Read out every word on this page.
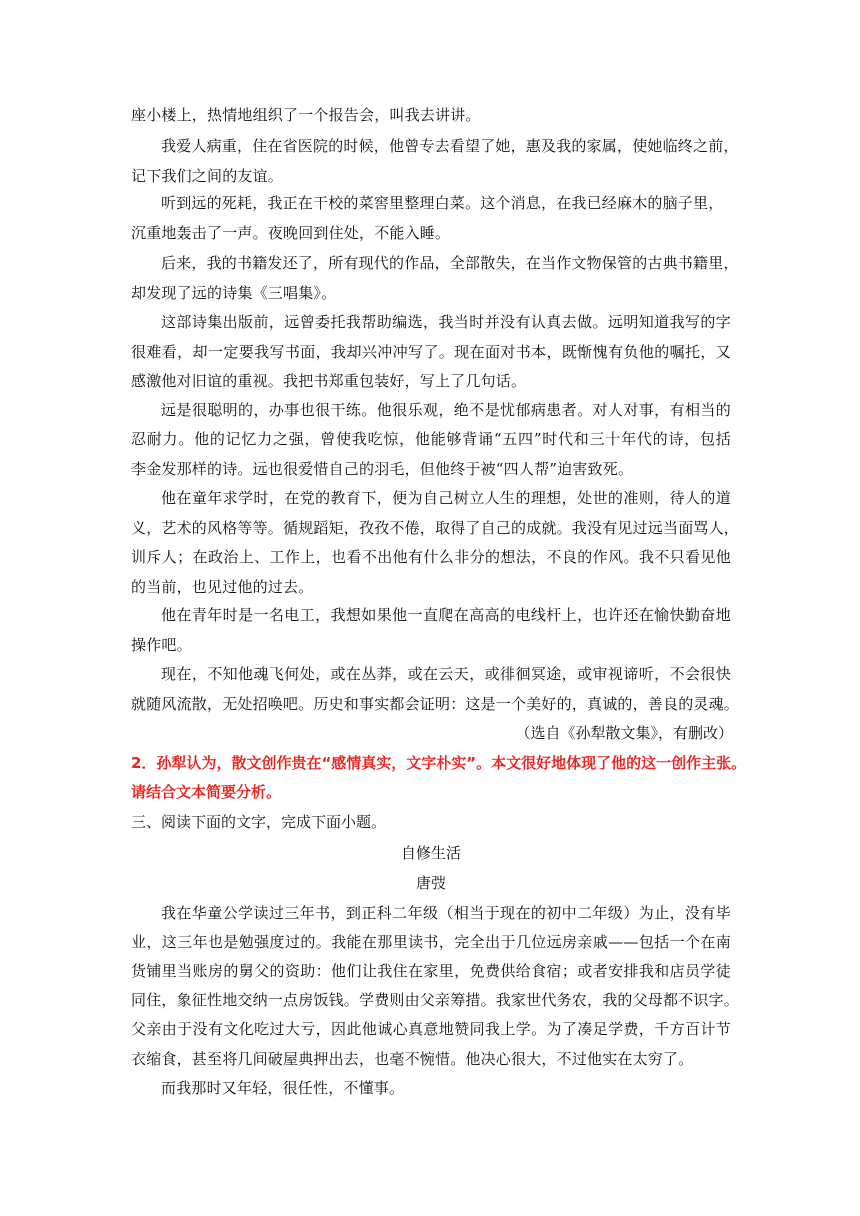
座小楼上，热情地组织了一个报告会，叫我去讲讲。
我爱人病重，住在省医院的时候，他曾专去看望了她，惠及我的家属，使她临终之前，
记下我们之间的友谊。
听到远的死耗，我正在干校的菜窖里整理白菜。这个消息，在我已经麻木的脑子里，
沉重地轰击了一声。夜晚回到住处，不能入睡。
后来，我的书籍发还了，所有现代的作品，全部散失，在当作文物保管的古典书籍里，
却发现了远的诗集《三唱集》。
这部诗集出版前，远曾委托我帮助编选，我当时并没有认真去做。远明知道我写的字
很难看，却一定要我写书面，我却兴冲冲写了。现在面对书本，既惭愧有负他的嘱托，又
感激他对旧谊的重视。我把书郑重包装好，写上了几句话。
远是很聪明的，办事也很干练。他很乐观，绝不是忧郁病患者。对人对事，有相当的
忍耐力。他的记忆力之强，曾使我吃惊，他能够背诵“五四”时代和三十年代的诗，包括
李金发那样的诗。远也很爱惜自己的羽毛，但他终于被“四人帮”迫害致死。
他在童年求学时，在党的教育下，便为自己树立人生的理想，处世的准则，待人的道
义，艺术的风格等等。循规蹈矩，孜孜不倦，取得了自己的成就。我没有见过远当面骂人，
训斥人；在政治上、工作上，也看不出他有什么非分的想法，不良的作风。我不只看见他
的当前，也见过他的过去。
他在青年时是一名电工，我想如果他一直爬在高高的电线杆上，也许还在愉快勤奋地
操作吧。
现在，不知他魂飞何处，或在丛莽，或在云天，或徘徊冥途，或审视谛听，不会很快
就随风流散，无处招唤吧。历史和事实都会证明：这是一个美好的，真诚的，善良的灵魂。
（选自《孙犁散文集》，有删改）
2．孙犁认为，散文创作贵在“感情真实，文字朴实”。本文很好地体现了他的这一创作主张。
请结合文本简要分析。
三、阅读下面的文字，完成下面小题。
自修生活
唐弢
我在华童公学读过三年书，到正科二年级（相当于现在的初中二年级）为止，没有毕
业，这三年也是勉强度过的。我能在那里读书，完全出于几位远房亲戚——包括一个在南
货铺里当账房的舅父的资助：他们让我住在家里，免费供给食宿；或者安排我和店员学徒
同住，象征性地交纳一点房饭钱。学费则由父亲筹措。我家世代务农，我的父母都不识字。
父亲由于没有文化吃过大亏，因此他诚心真意地赞同我上学。为了凑足学费，千方百计节
衣缩食，甚至将几间破屋典押出去，也毫不惋惜。他决心很大，不过他实在太穷了。
而我那时又年轻，很任性，不懂事。
